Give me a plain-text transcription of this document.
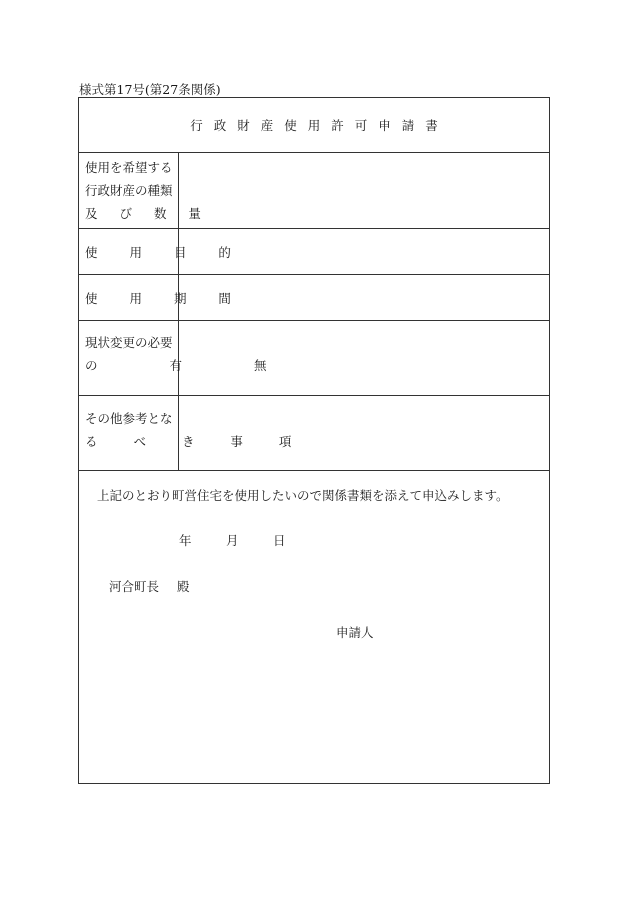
様式第17号(第27条関係)
行政財産使用許可申請書
使用を希望する
行政財産の種類
及 び 数 量
使 用 目 的
使 用 期 間
現状変更の必要
の 有 無
その他参考とな
る べ き 事 項
上記のとおり町営住宅を使用したいので関係書類を添えて申込みします。
年	月	日
河合町長 殿
申請人
